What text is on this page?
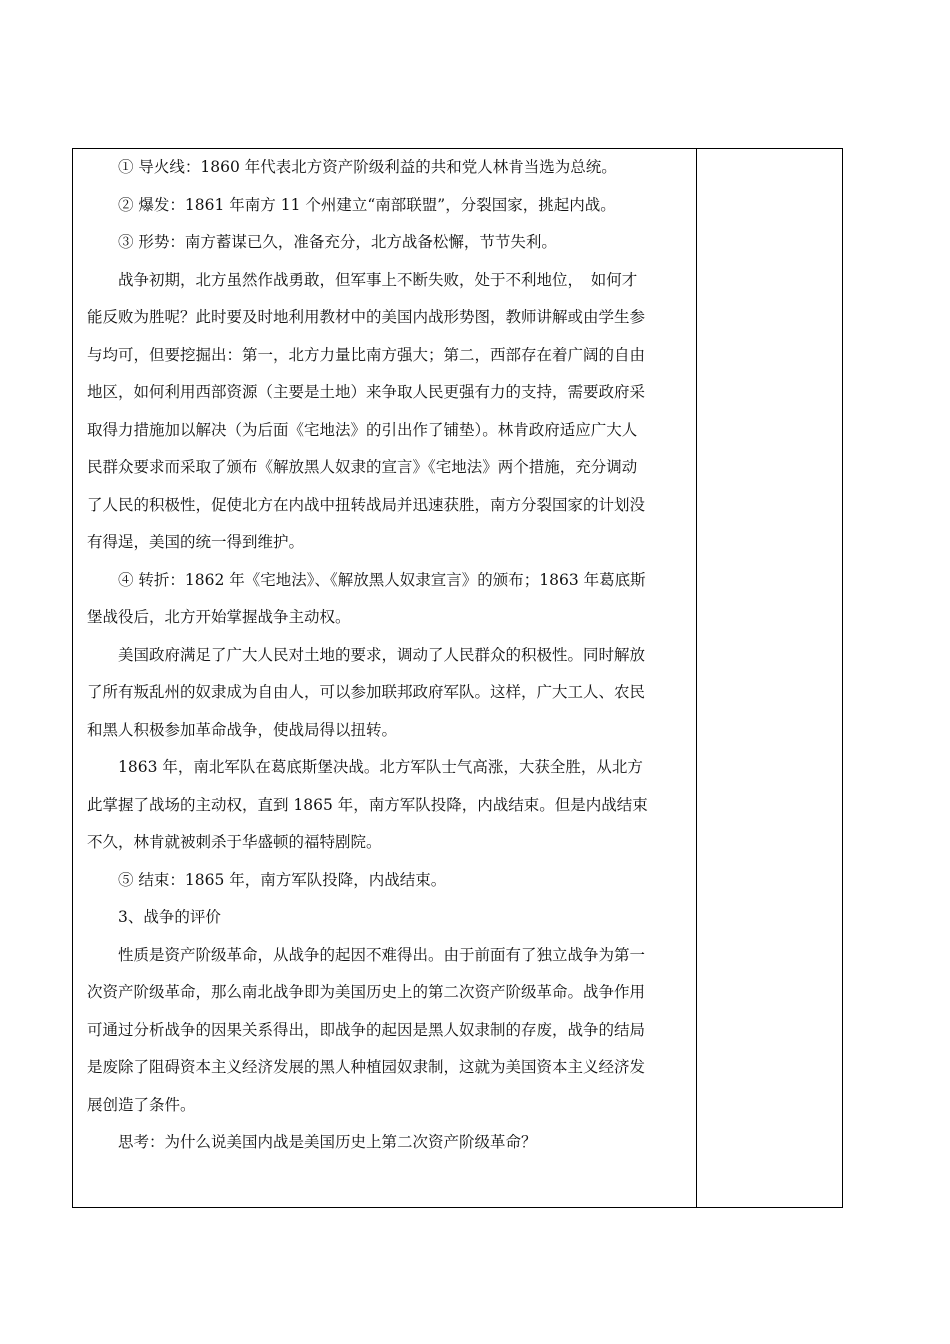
① 导火线：1860 年代表北方资产阶级利益的共和党人林肯当选为总统。
② 爆发：1861 年南方 11 个州建立“南部联盟”，分裂国家，挑起内战。
③ 形势：南方蓄谋已久，准备充分，北方战备松懈，节节失利。
战争初期，北方虽然作战勇敢，但军事上不断失败，处于不利地位，　如何才
能反败为胜呢？此时要及时地利用教材中的美国内战形势图，教师讲解或由学生参
与均可，但要挖掘出：第一，北方力量比南方强大；第二，西部存在着广阔的自由
地区，如何利用西部资源（主要是土地）来争取人民更强有力的支持，需要政府采
取得力措施加以解决（为后面《宅地法》的引出作了铺垫）。林肯政府适应广大人
民群众要求而采取了颁布《解放黑人奴隶的宣言》《宅地法》两个措施，充分调动
了人民的积极性，促使北方在内战中扭转战局并迅速获胜，南方分裂国家的计划没
有得逞，美国的统一得到维护。
④ 转折：1862 年《宅地法》、《解放黑人奴隶宣言》的颁布；1863 年葛底斯
堡战役后，北方开始掌握战争主动权。
美国政府满足了广大人民对土地的要求，调动了人民群众的积极性。同时解放
了所有叛乱州的奴隶成为自由人，可以参加联邦政府军队。这样，广大工人、农民
和黑人积极参加革命战争，使战局得以扭转。
1863 年，南北军队在葛底斯堡决战。北方军队士气高涨，大获全胜，从北方
此掌握了战场的主动权，直到 1865 年，南方军队投降，内战结束。但是内战结束
不久，林肯就被刺杀于华盛顿的福特剧院。
⑤ 结束：1865 年，南方军队投降，内战结束。
3、战争的评价
性质是资产阶级革命，从战争的起因不难得出。由于前面有了独立战争为第一
次资产阶级革命，那么南北战争即为美国历史上的第二次资产阶级革命。战争作用
可通过分析战争的因果关系得出，即战争的起因是黑人奴隶制的存废，战争的结局
是废除了阻碍资本主义经济发展的黑人种植园奴隶制，这就为美国资本主义经济发
展创造了条件。
思考：为什么说美国内战是美国历史上第二次资产阶级革命？
